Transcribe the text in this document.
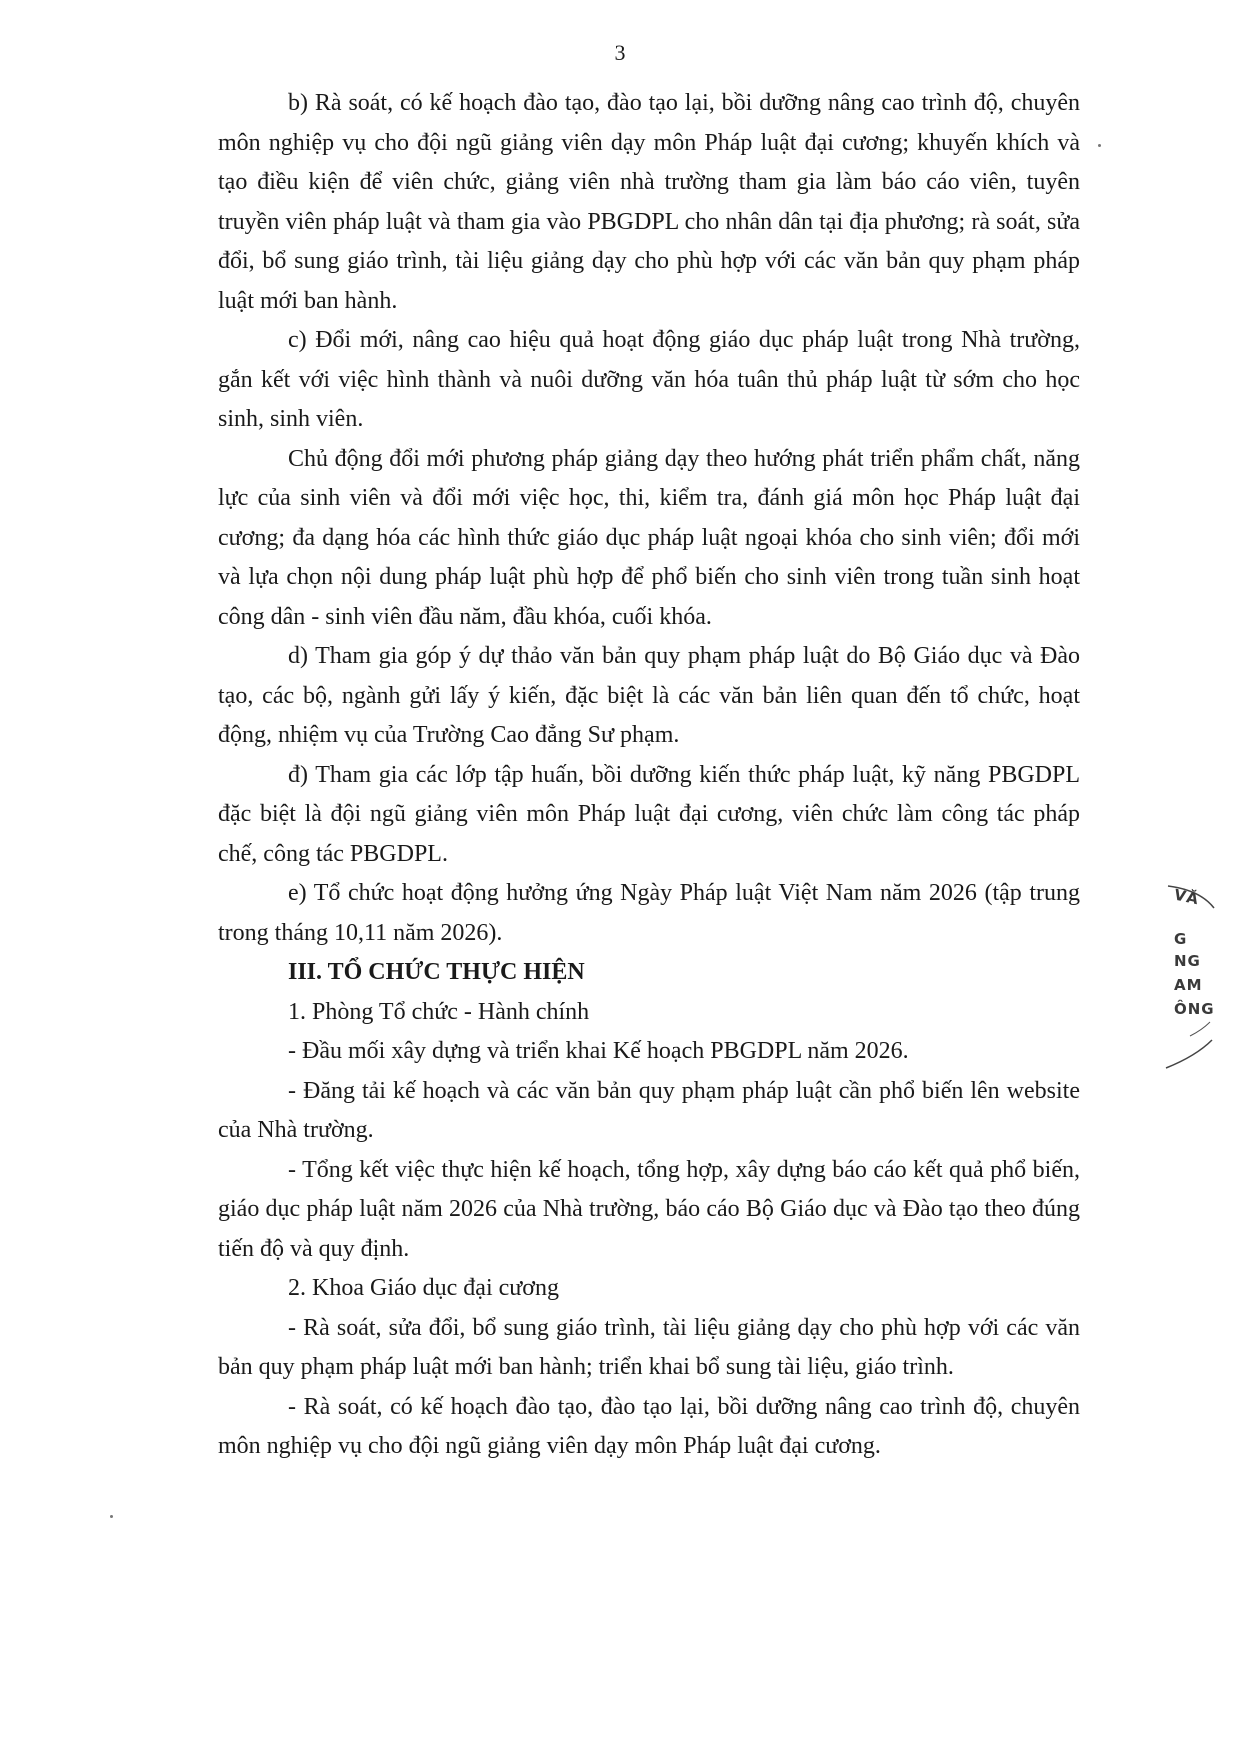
3

b) Rà soát, có kế hoạch đào tạo, đào tạo lại, bồi dưỡng nâng cao trình độ, chuyên môn nghiệp vụ cho đội ngũ giảng viên dạy môn Pháp luật đại cương; khuyến khích và tạo điều kiện để viên chức, giảng viên nhà trường tham gia làm báo cáo viên, tuyên truyền viên pháp luật và tham gia vào PBGDPL cho nhân dân tại địa phương; rà soát, sửa đổi, bổ sung giáo trình, tài liệu giảng dạy cho phù hợp với các văn bản quy phạm pháp luật mới ban hành.

c) Đổi mới, nâng cao hiệu quả hoạt động giáo dục pháp luật trong Nhà trường, gắn kết với việc hình thành và nuôi dưỡng văn hóa tuân thủ pháp luật từ sớm cho học sinh, sinh viên.

Chủ động đổi mới phương pháp giảng dạy theo hướng phát triển phẩm chất, năng lực của sinh viên và đổi mới việc học, thi, kiểm tra, đánh giá môn học Pháp luật đại cương; đa dạng hóa các hình thức giáo dục pháp luật ngoại khóa cho sinh viên; đổi mới và lựa chọn nội dung pháp luật phù hợp để phổ biến cho sinh viên trong tuần sinh hoạt công dân - sinh viên đầu năm, đầu khóa, cuối khóa.

d) Tham gia góp ý dự thảo văn bản quy phạm pháp luật do Bộ Giáo dục và Đào tạo, các bộ, ngành gửi lấy ý kiến, đặc biệt là các văn bản liên quan đến tổ chức, hoạt động, nhiệm vụ của Trường Cao đẳng Sư phạm.

đ) Tham gia các lớp tập huấn, bồi dưỡng kiến thức pháp luật, kỹ năng PBGDPL đặc biệt là đội ngũ giảng viên môn Pháp luật đại cương, viên chức làm công tác pháp chế, công tác PBGDPL.

e) Tổ chức hoạt động hưởng ứng Ngày Pháp luật Việt Nam năm 2026 (tập trung trong tháng 10,11 năm 2026).

III. TỔ CHỨC THỰC HIỆN

1. Phòng Tổ chức - Hành chính

- Đầu mối xây dựng và triển khai Kế hoạch PBGDPL năm 2026.

- Đăng tải kế hoạch và các văn bản quy phạm pháp luật cần phổ biến lên website của Nhà trường.

- Tổng kết việc thực hiện kế hoạch, tổng hợp, xây dựng báo cáo kết quả phổ biến, giáo dục pháp luật năm 2026 của Nhà trường, báo cáo Bộ Giáo dục và Đào tạo theo đúng tiến độ và quy định.

2. Khoa Giáo dục đại cương

- Rà soát, sửa đổi, bổ sung giáo trình, tài liệu giảng dạy cho phù hợp với các văn bản quy phạm pháp luật mới ban hành; triển khai bổ sung tài liệu, giáo trình.

- Rà soát, có kế hoạch đào tạo, đào tạo lại, bồi dưỡng nâng cao trình độ, chuyên môn nghiệp vụ cho đội ngũ giảng viên dạy môn Pháp luật đại cương.

VĂ
G
NG
AM
ÔNG
